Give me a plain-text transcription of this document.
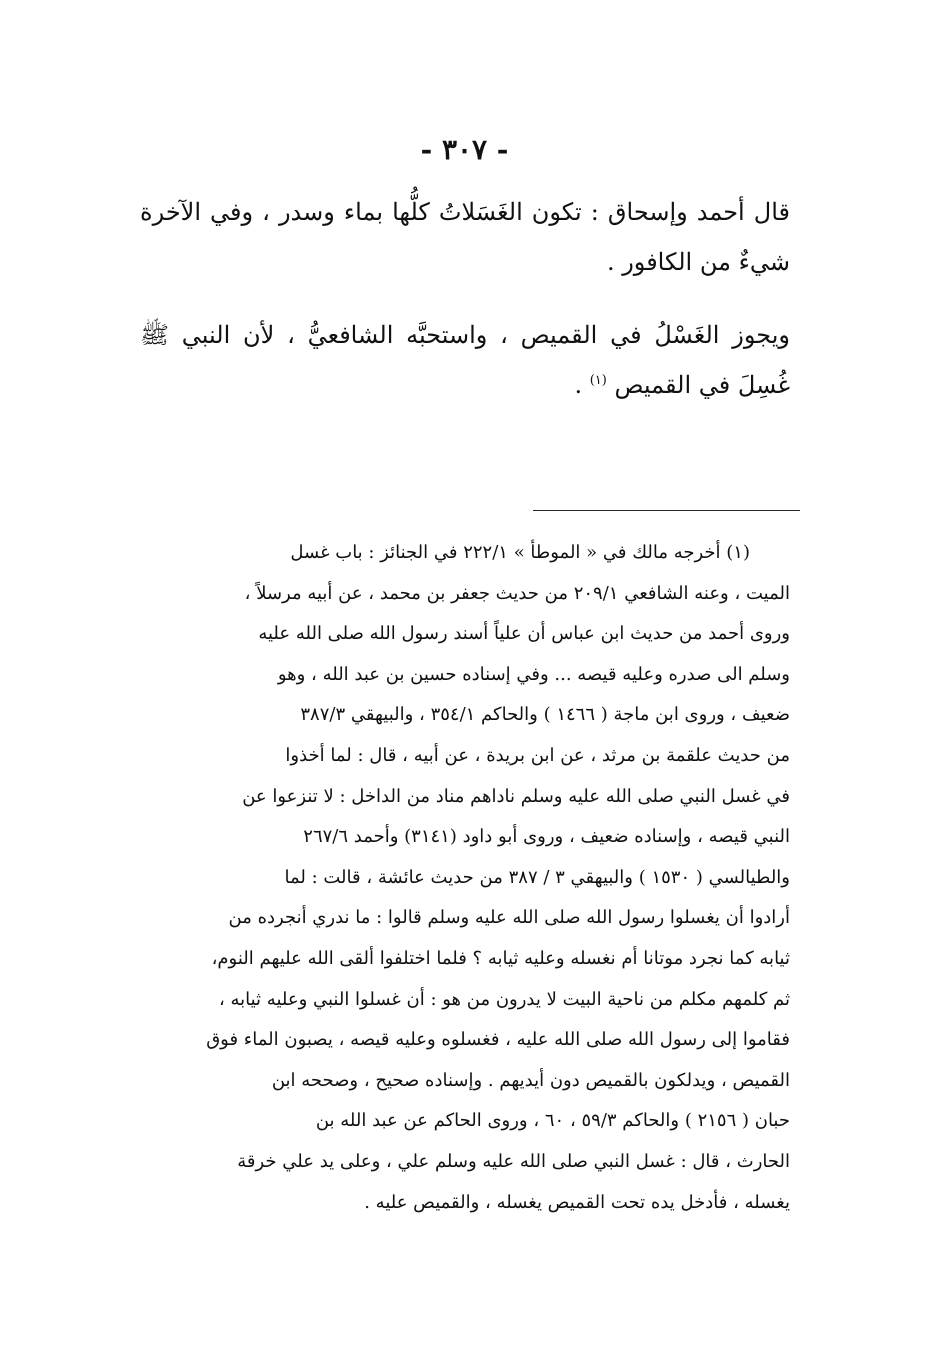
- ٣٠٧ -

قال أحمد وإسحاق : تكون الغَسَلاتُ كلُّها بماء وسدر ، وفي الآخرة شيءٌ من الكافور .

ويجوز الغَسْلُ في القميص ، واستحبَّه الشافعيُّ ، لأن النبي ﷺ غُسِلَ في القميص $^{(١)}$ .

(١) أخرجه مالك في « الموطأ » ٢٢٢/١ في الجنائز : باب غسل
الميت ، وعنه الشافعي ٢٠٩/١ من حديث جعفر بن محمد ، عن أبيه مرسلاً ،
وروى أحمد من حديث ابن عباس أن علياً أسند رسول الله صلى الله عليه
وسلم الى صدره وعليه قيصه ... وفي إسناده حسين بن عبد الله ، وهو
ضعيف ، وروى ابن ماجة ( ١٤٦٦ ) والحاكم ٣٥٤/١ ، والبيهقي ٣٨٧/٣
من حديث علقمة بن مرثد ، عن ابن بريدة ، عن أبيه ، قال : لما أخذوا
في غسل النبي صلى الله عليه وسلم ناداهم مناد من الداخل : لا تنزعوا عن
النبي قيصه ، وإسناده ضعيف ، وروى أبو داود (٣١٤١) وأحمد ٢٦٧/٦
والطيالسي ( ١٥٣٠ ) والبيهقي ٣ / ٣٨٧ من حديث عائشة ، قالت : لما
أرادوا أن يغسلوا رسول الله صلى الله عليه وسلم قالوا : ما ندري أنجرده من
ثيابه كما نجرد موتانا أم نغسله وعليه ثيابه ؟ فلما اختلفوا ألقى الله عليهم النوم،
ثم كلمهم مكلم من ناحية البيت لا يدرون من هو : أن غسلوا النبي وعليه ثيابه ،
فقاموا إلى رسول الله صلى الله عليه ، فغسلوه وعليه قيصه ، يصبون الماء فوق
القميص ، ويدلكون بالقميص دون أيديهم . وإسناده صحيح ، وصححه ابن
حبان ( ٢١٥٦ ) والحاكم ٥٩/٣ ، ٦٠ ، وروى الحاكم عن عبد الله بن
الحارث ، قال : غسل النبي صلى الله عليه وسلم علي ، وعلى يد علي خرقة
يغسله ، فأدخل يده تحت القميص يغسله ، والقميص عليه .
